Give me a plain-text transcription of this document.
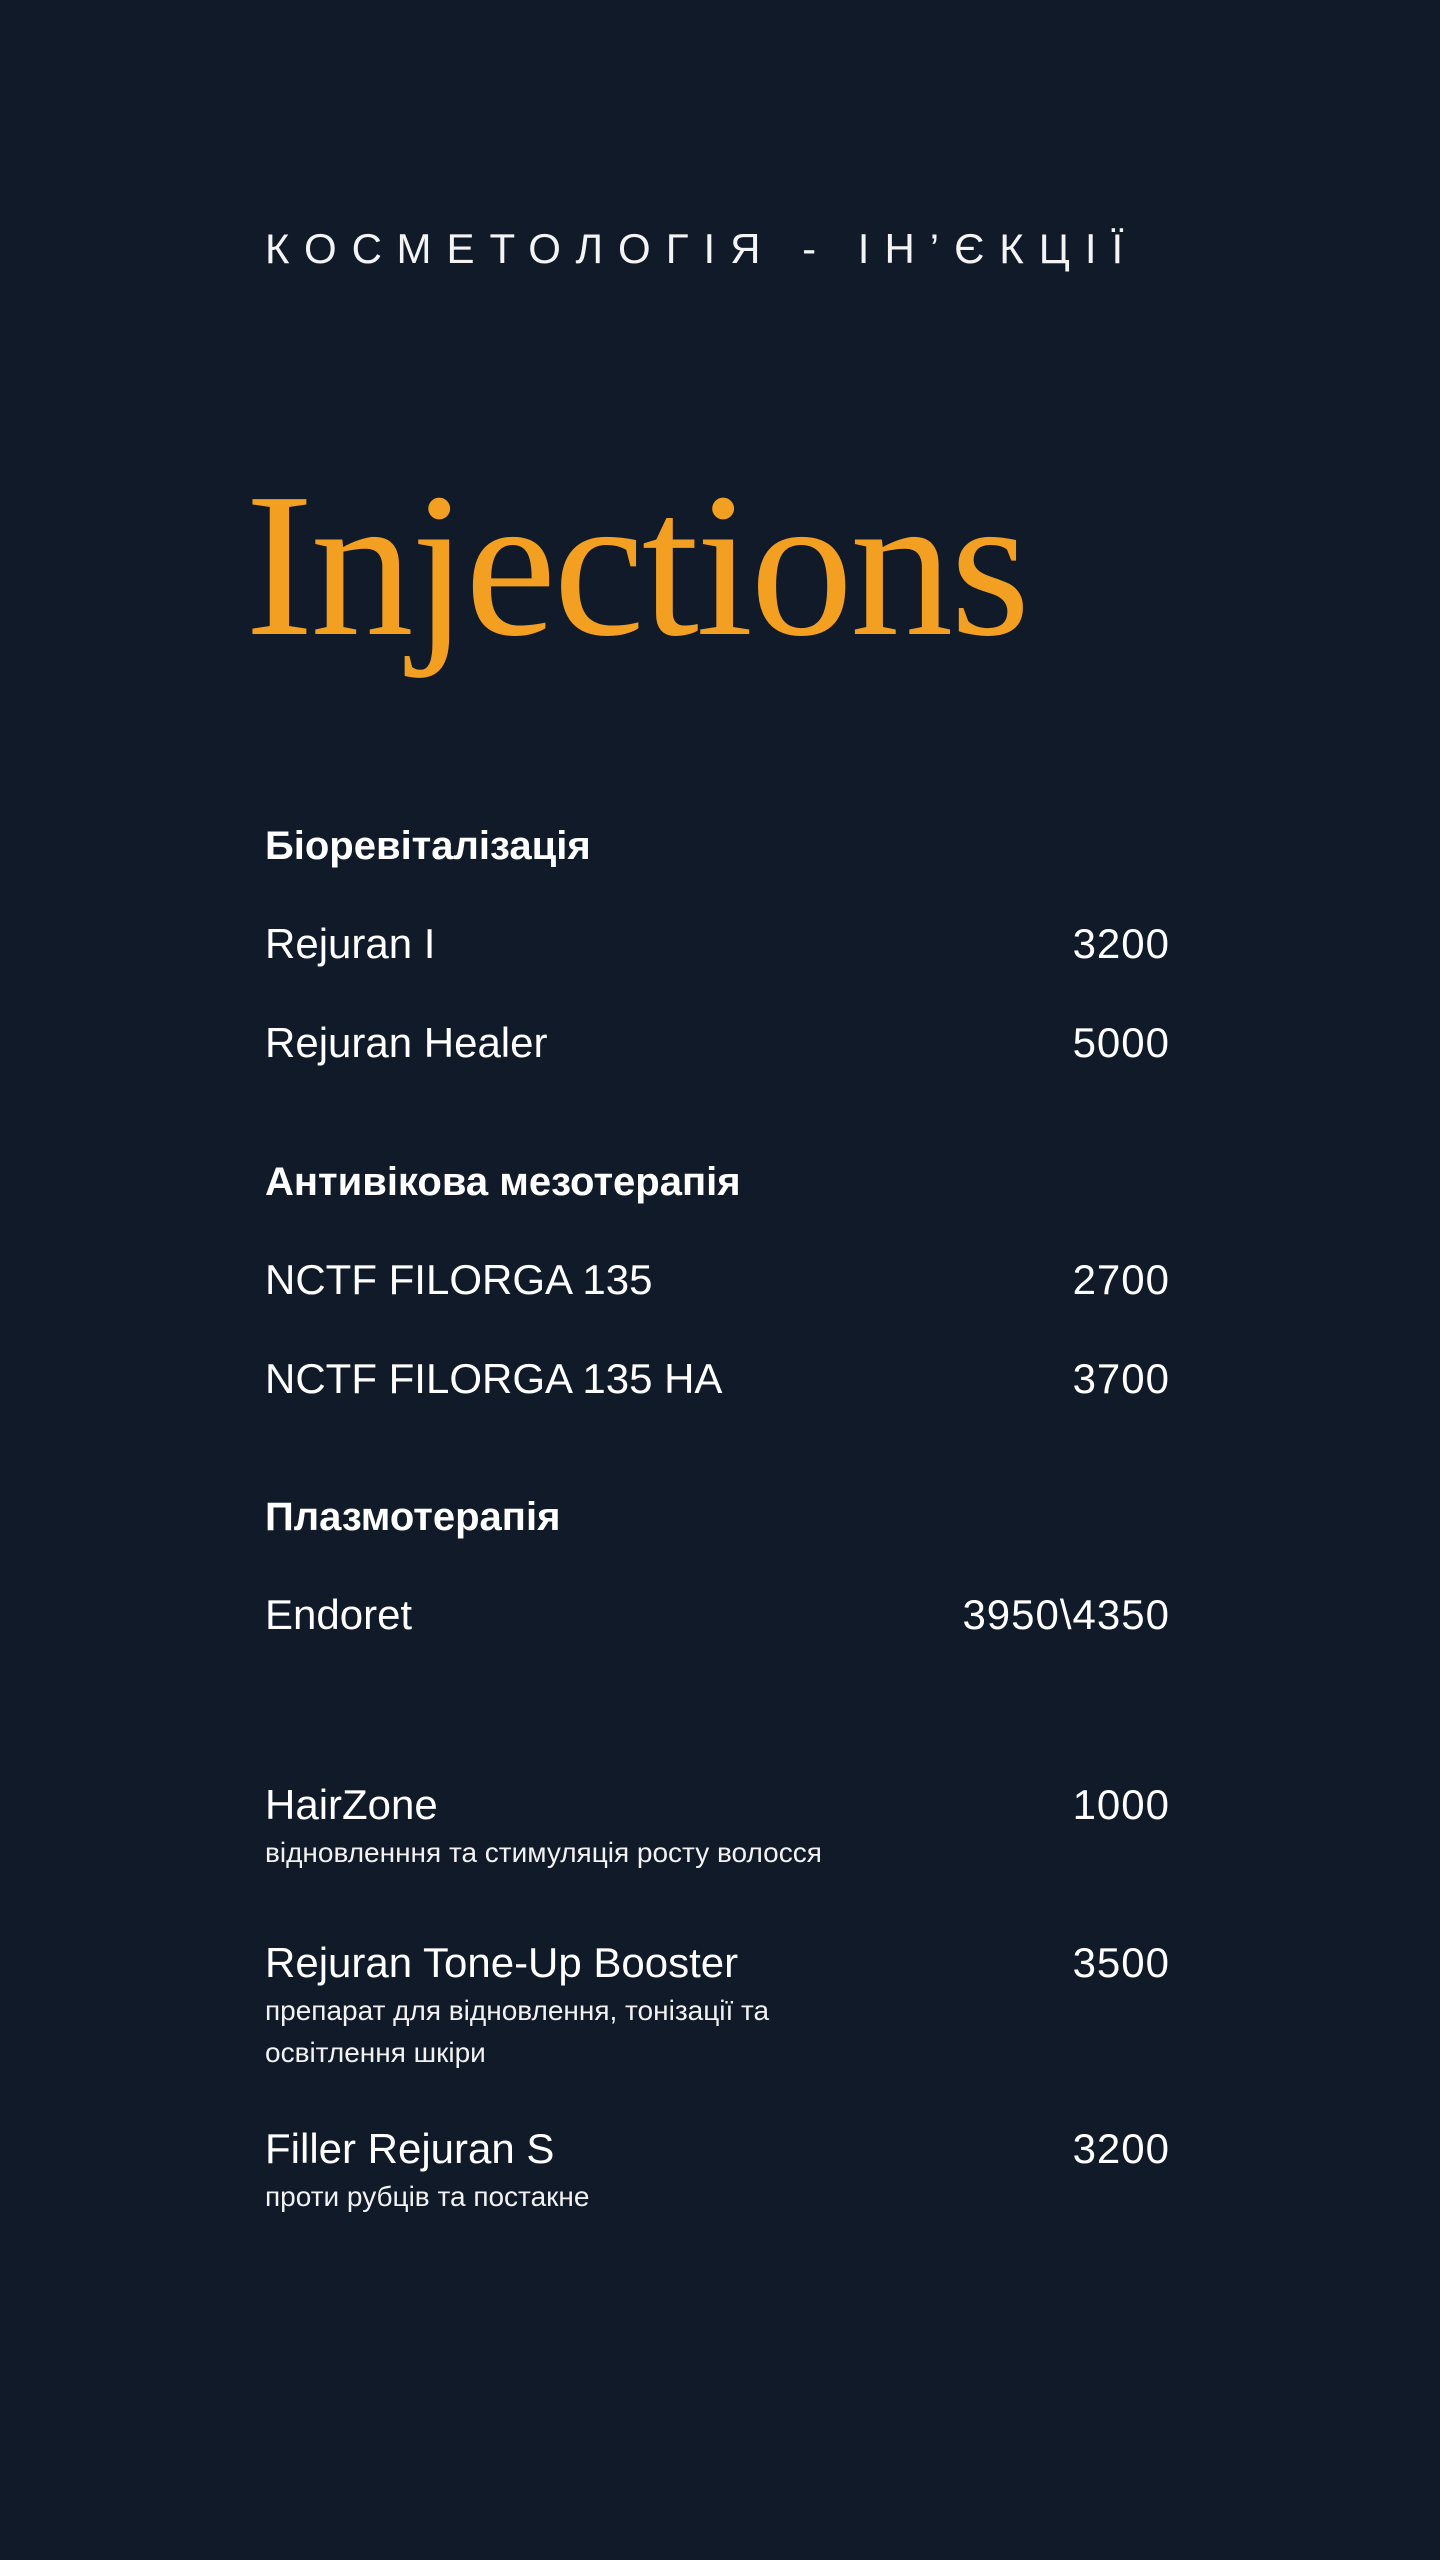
КОСМЕТОЛОГІЯ - ІН’ЄКЦІЇ
Injections
Біоревіталізація
Rejuran I	3200
Rejuran Healer	5000
Антивікова мезотерапія
NCTF FILORGA 135	2700
NCTF FILORGA 135 HA	3700
Плазмотерапія
Endoret	3950\4350
HairZone	1000
відновленння та стимуляція росту волосся
Rejuran Tone-Up Booster	3500
препарат для відновлення, тонізації та освітлення шкіри
Filler Rejuran S	3200
проти рубців та постакне
